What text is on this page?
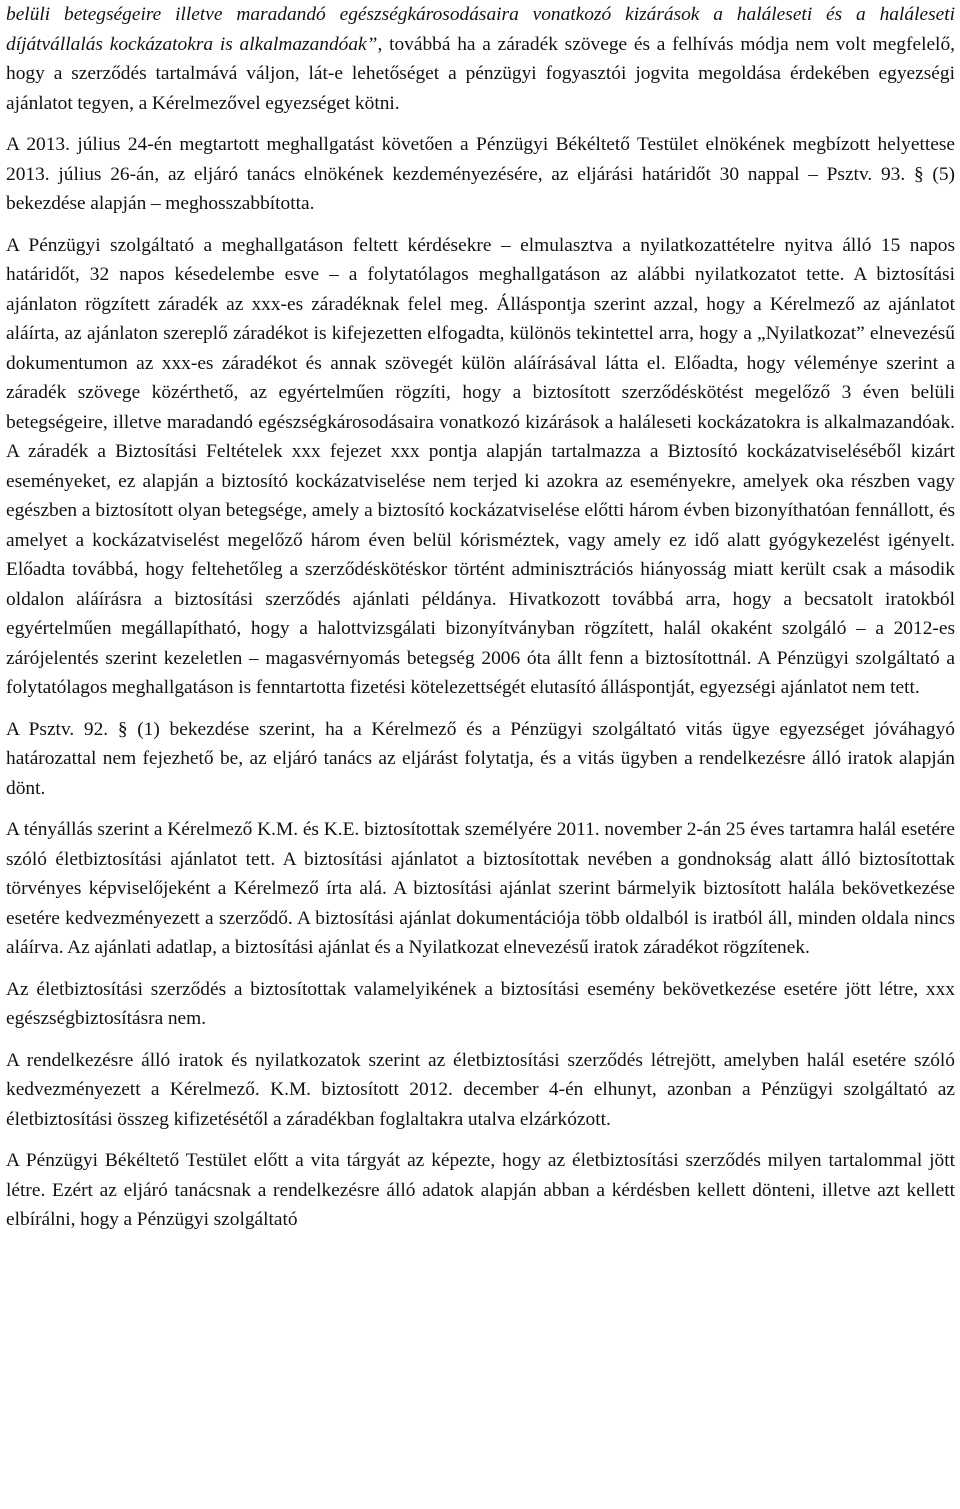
belüli betegségeire illetve maradandó egészségkárosodásaira vonatkozó kizárások a haláleseti és a haláleseti díjátvállalás kockázatokra is alkalmazandóak”, továbbá ha a záradék szövege és a felhívás módja nem volt megfelelő, hogy a szerződés tartalmává váljon, lát-e lehetőséget a pénzügyi fogyasztói jogvita megoldása érdekében egyezségi ajánlatot tegyen, a Kérelmezővel egyezséget kötni.

A 2013. július 24-én megtartott meghallgatást követően a Pénzügyi Békéltető Testület elnökének megbízott helyettese 2013. július 26-án, az eljáró tanács elnökének kezdeményezésére, az eljárási határidőt 30 nappal – Psztv. 93. § (5) bekezdése alapján – meghosszabbította.

A Pénzügyi szolgáltató a meghallgatáson feltett kérdésekre – elmulasztva a nyilatkozattételre nyitva álló 15 napos határidőt, 32 napos késedelembe esve – a folytatólagos meghallgatáson az alábbi nyilatkozatot tette. A biztosítási ajánlaton rögzített záradék az xxx-es záradéknak felel meg. Álláspontja szerint azzal, hogy a Kérelmező az ajánlatot aláírta, az ajánlaton szereplő záradékot is kifejezetten elfogadta, különös tekintettel arra, hogy a „Nyilatkozat” elnevezésű dokumentumon az xxx-es záradékot és annak szövegét külön aláírásával látta el. Előadta, hogy véleménye szerint a záradék szövege közérthető, az egyértelműen rögzíti, hogy a biztosított szerződéskötést megelőző 3 éven belüli betegségeire, illetve maradandó egészségkárosodásaira vonatkozó kizárások a haláleseti kockázatokra is alkalmazandóak. A záradék a Biztosítási Feltételek xxx fejezet xxx pontja alapján tartalmazza a Biztosító kockázatviseléséből kizárt eseményeket, ez alapján a biztosító kockázatviselése nem terjed ki azokra az eseményekre, amelyek oka részben vagy egészben a biztosított olyan betegsége, amely a biztosító kockázatviselése előtti három évben bizonyíthatóan fennállott, és amelyet a kockázatviselést megelőző három éven belül kórisméztek, vagy amely ez idő alatt gyógykezelést igényelt. Előadta továbbá, hogy feltehetőleg a szerződéskötéskor történt adminisztrációs hiányosság miatt került csak a második oldalon aláírásra a biztosítási szerződés ajánlati példánya. Hivatkozott továbbá arra, hogy a becsatolt iratokból egyértelműen megállapítható, hogy a halottvizsgálati bizonyítványban rögzített, halál okaként szolgáló – a 2012-es zárójelentés szerint kezeletlen – magasvérnyomás betegség 2006 óta állt fenn a biztosítottnál. A Pénzügyi szolgáltató a folytatólagos meghallgatáson is fenntartotta fizetési kötelezettségét elutasító álláspontját, egyezségi ajánlatot nem tett.

A Psztv. 92. § (1) bekezdése szerint, ha a Kérelmező és a Pénzügyi szolgáltató vitás ügye egyezséget jóváhagyó határozattal nem fejezhető be, az eljáró tanács az eljárást folytatja, és a vitás ügyben a rendelkezésre álló iratok alapján dönt.

A tényállás szerint a Kérelmező K.M. és K.E. biztosítottak személyére 2011. november 2-án 25 éves tartamra halál esetére szóló életbiztosítási ajánlatot tett. A biztosítási ajánlatot a biztosítottak nevében a gondnokság alatt álló biztosítottak törvényes képviselőjeként a Kérelmező írta alá. A biztosítási ajánlat szerint bármelyik biztosított halála bekövetkezése esetére kedvezményezett a szerződő. A biztosítási ajánlat dokumentációja több oldalból is iratból áll, minden oldala nincs aláírva. Az ajánlati adatlap, a biztosítási ajánlat és a Nyilatkozat elnevezésű iratok záradékot rögzítenek.

Az életbiztosítási szerződés a biztosítottak valamelyikének a biztosítási esemény bekövetkezése esetére jött létre, xxx egészségbiztosításra nem.

A rendelkezésre álló iratok és nyilatkozatok szerint az életbiztosítási szerződés létrejött, amelyben halál esetére szóló kedvezményezett a Kérelmező. K.M. biztosított 2012. december 4-én elhunyt, azonban a Pénzügyi szolgáltató az életbiztosítási összeg kifizetésétől a záradékban foglaltakra utalva elzárkózott.

A Pénzügyi Békéltető Testület előtt a vita tárgyát az képezte, hogy az életbiztosítási szerződés milyen tartalommal jött létre. Ezért az eljáró tanácsnak a rendelkezésre álló adatok alapján abban a kérdésben kellett dönteni, illetve azt kellett elbírálni, hogy a Pénzügyi szolgáltató
